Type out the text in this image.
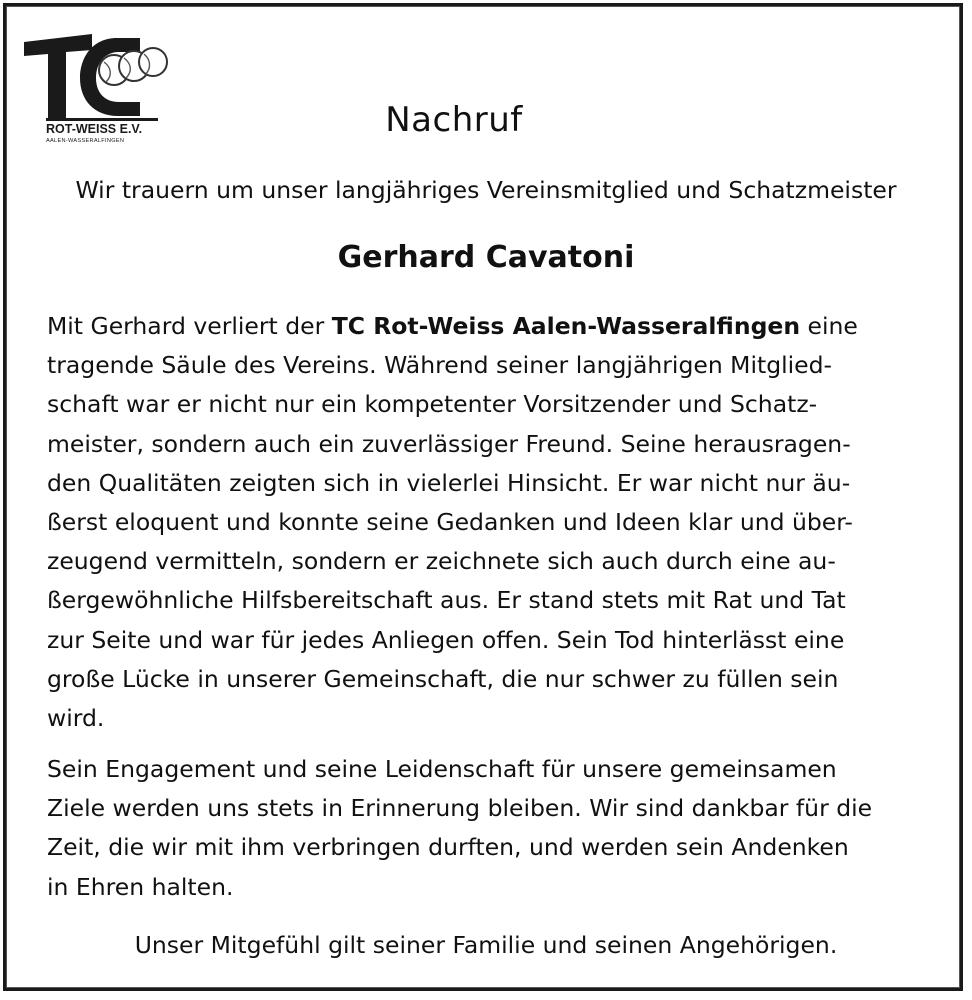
ROT-WEISS E.V.
AALEN-WASSERALFINGEN
Nachruf
Wir trauern um unser langjähriges Vereinsmitglied und Schatzmeister
Gerhard Cavatoni
Mit Gerhard verliert der TC Rot-Weiss Aalen-Wasseralfingen eine
tragende Säule des Vereins. Während seiner langjährigen Mitglied-
schaft war er nicht nur ein kompetenter Vorsitzender und Schatz-
meister, sondern auch ein zuverlässiger Freund. Seine herausragen-
den Qualitäten zeigten sich in vielerlei Hinsicht. Er war nicht nur äu-
ßerst eloquent und konnte seine Gedanken und Ideen klar und über-
zeugend vermitteln, sondern er zeichnete sich auch durch eine au-
ßergewöhnliche Hilfsbereitschaft aus. Er stand stets mit Rat und Tat
zur Seite und war für jedes Anliegen offen. Sein Tod hinterlässt eine
große Lücke in unserer Gemeinschaft, die nur schwer zu füllen sein
wird.
Sein Engagement und seine Leidenschaft für unsere gemeinsamen
Ziele werden uns stets in Erinnerung bleiben. Wir sind dankbar für die
Zeit, die wir mit ihm verbringen durften, und werden sein Andenken
in Ehren halten.
Unser Mitgefühl gilt seiner Familie und seinen Angehörigen.
